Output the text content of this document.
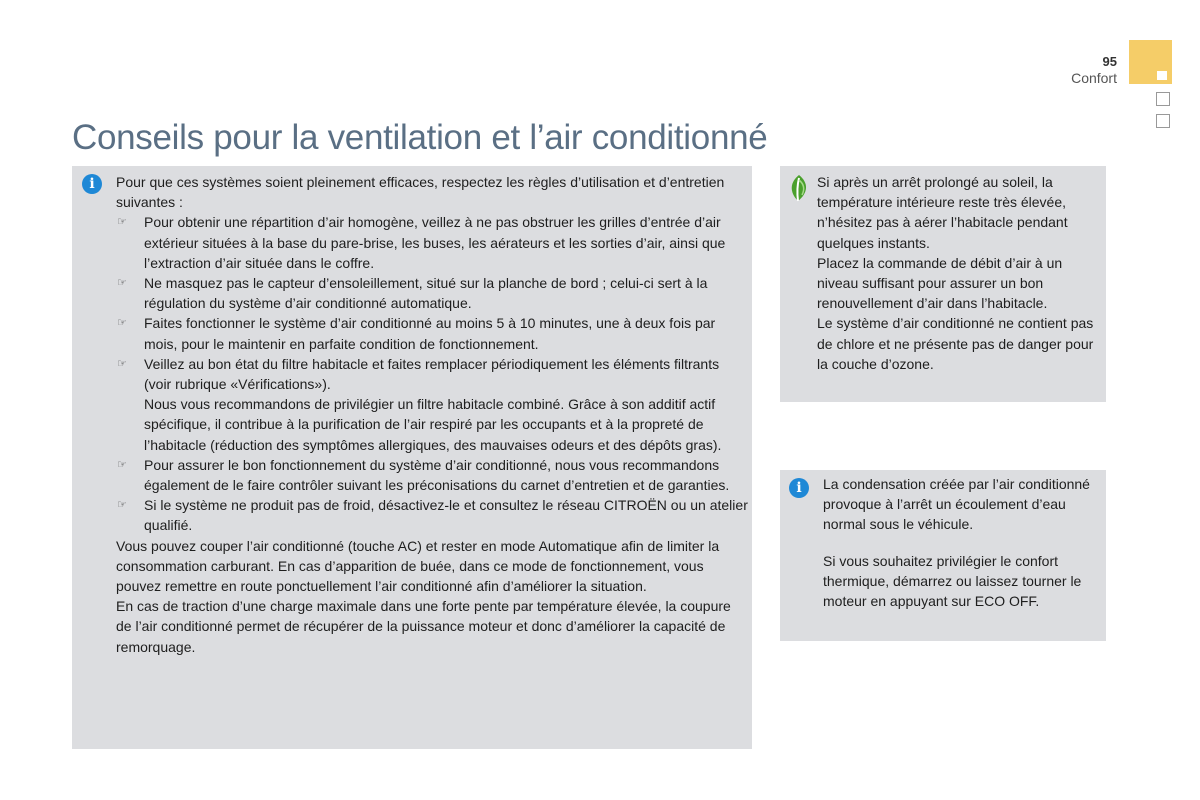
95
Confort
Conseils pour la ventilation et l’air conditionné
i	Pour que ces systèmes soient pleinement efficaces, respectez les règles d’utilisation et d’entretien suivantes :

☞ Pour obtenir une répartition d’air homogène, veillez à ne pas obstruer les grilles d’entrée d’air extérieur situées à la base du pare-brise, les buses, les aérateurs et les sorties d’air, ainsi que l’extraction d’air située dans le coffre.

☞ Ne masquez pas le capteur d’ensoleillement, situé sur la planche de bord ; celui-ci sert à la régulation du système d’air conditionné automatique.

☞ Faites fonctionner le système d’air conditionné au moins 5 à 10 minutes, une à deux fois par mois, pour le maintenir en parfaite condition de fonctionnement.

☞ Veillez au bon état du filtre habitacle et faites remplacer périodiquement les éléments filtrants (voir rubrique «Vérifications»).

Nous vous recommandons de privilégier un filtre habitacle combiné. Grâce à son additif actif spécifique, il contribue à la purification de l’air respiré par les occupants et à la propreté de l’habitacle (réduction des symptômes allergiques, des mauvaises odeurs et des dépôts gras).

☞ Pour assurer le bon fonctionnement du système d’air conditionné, nous vous recommandons également de le faire contrôler suivant les préconisations du carnet d’entretien et de garanties.

☞ Si le système ne produit pas de froid, désactivez-le et consultez le réseau CITROËN ou un atelier qualifié.

Vous pouvez couper l’air conditionné (touche AC) et rester en mode Automatique afin de limiter la consommation carburant. En cas d’apparition de buée, dans ce mode de fonctionnement, vous pouvez remettre en route ponctuellement l’air conditionné afin d’améliorer la situation.

En cas de traction d’une charge maximale dans une forte pente par température élevée, la coupure de l’air conditionné permet de récupérer de la puissance moteur et donc d’améliorer la capacité de remorquage.

Si après un arrêt prolongé au soleil, la température intérieure reste très élevée, n’hésitez pas à aérer l’habitacle pendant quelques instants.

Placez la commande de débit d’air à un niveau suffisant pour assurer un bon renouvellement d’air dans l’habitacle.

Le système d’air conditionné ne contient pas de chlore et ne présente pas de danger pour la couche d’ozone.

i	La condensation créée par l’air conditionné provoque à l’arrêt un écoulement d’eau normal sous le véhicule.

Si vous souhaitez privilégier le confort thermique, démarrez ou laissez tourner le moteur en appuyant sur ECO OFF.
